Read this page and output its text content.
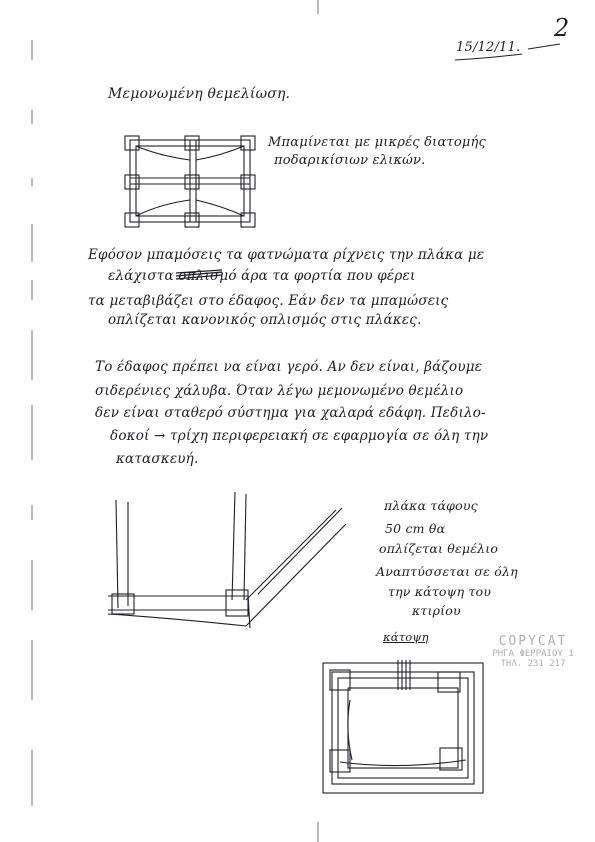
2
15/12/11.
Μεμονωμένη θεμελίωση.
Μπαμίνεται με μικρές διατομής
ποδαρικίσιων ελικών.
Εφόσον μπαμόσεις τα φατνώματα ρίχνεις την πλάκα με
ελάχιστα οπλισμό άρα τα φορτία που φέρει
τα μεταβιβάζει στο έδαφος. Εάν δεν τα μπαμώσεις
οπλίζεται κανονικός οπλισμός στις πλάκες.
Το έδαφος πρέπει να είναι γερό. Αν δεν είναι, βάζουμε
σιδερένιες χάλυβα. Όταν λέγω μεμονωμένο θεμέλιο
δεν είναι σταθερό σύστημα για χαλαρά εδάφη. Πεδιλο-
δοκοί → τρίχη περιφερειακή σε εφαρμογία σε όλη την
κατασκευή.
πλάκα τάφους
50 cm θα
οπλίζεται θεμέλιο
Αναπτύσσεται σε όλη
την κάτοψη του
κτιρίου
κάτοψη	COPYCAT
ΡΗΓΑ ΦΕΡΡΑΙΟΥ 1
ΤΗΛ. 231 217
